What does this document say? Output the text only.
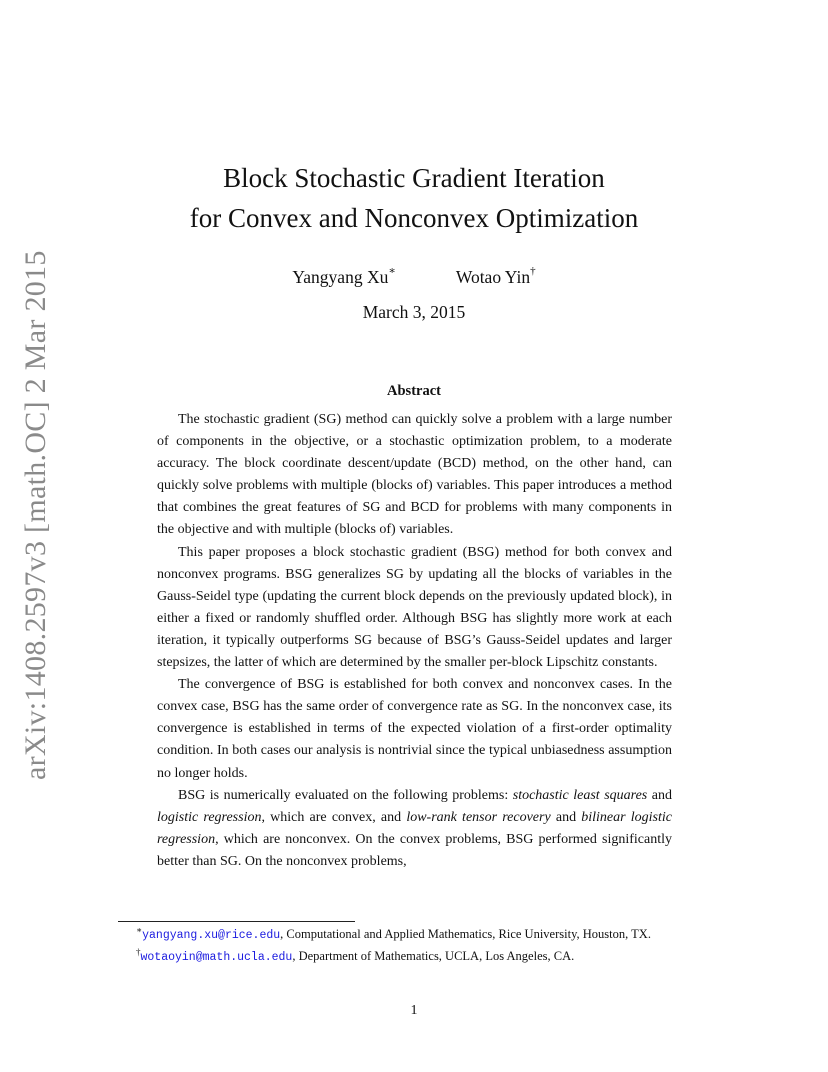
arXiv:1408.2597v3 [math.OC] 2 Mar 2015
Block Stochastic Gradient Iteration
for Convex and Nonconvex Optimization
Yangyang Xu∗	Wotao Yin†
March 3, 2015
Abstract

The stochastic gradient (SG) method can quickly solve a problem with a large number of components in the objective, or a stochastic optimization problem, to a moderate accuracy. The block coordinate descent/update (BCD) method, on the other hand, can quickly solve problems with multiple (blocks of) variables. This paper introduces a method that combines the great features of SG and BCD for problems with many components in the objective and with multiple (blocks of) variables.

This paper proposes a block stochastic gradient (BSG) method for both convex and nonconvex programs. BSG generalizes SG by updating all the blocks of variables in the Gauss-Seidel type (updating the current block depends on the previously updated block), in either a fixed or randomly shuffled order. Although BSG has slightly more work at each iteration, it typically outperforms SG because of BSG’s Gauss-Seidel updates and larger stepsizes, the latter of which are determined by the smaller per-block Lipschitz constants.

The convergence of BSG is established for both convex and nonconvex cases. In the convex case, BSG has the same order of convergence rate as SG. In the nonconvex case, its convergence is established in terms of the expected violation of a first-order optimality condition. In both cases our analysis is nontrivial since the typical unbiasedness assumption no longer holds.

BSG is numerically evaluated on the following problems: stochastic least squares and logistic regression, which are convex, and low-rank tensor recovery and bilinear logistic regression, which are nonconvex. On the convex problems, BSG performed significantly better than SG. On the nonconvex problems,

∗yangyang.xu@rice.edu, Computational and Applied Mathematics, Rice University, Houston, TX.

†wotaoyin@math.ucla.edu, Department of Mathematics, UCLA, Los Angeles, CA.

1
